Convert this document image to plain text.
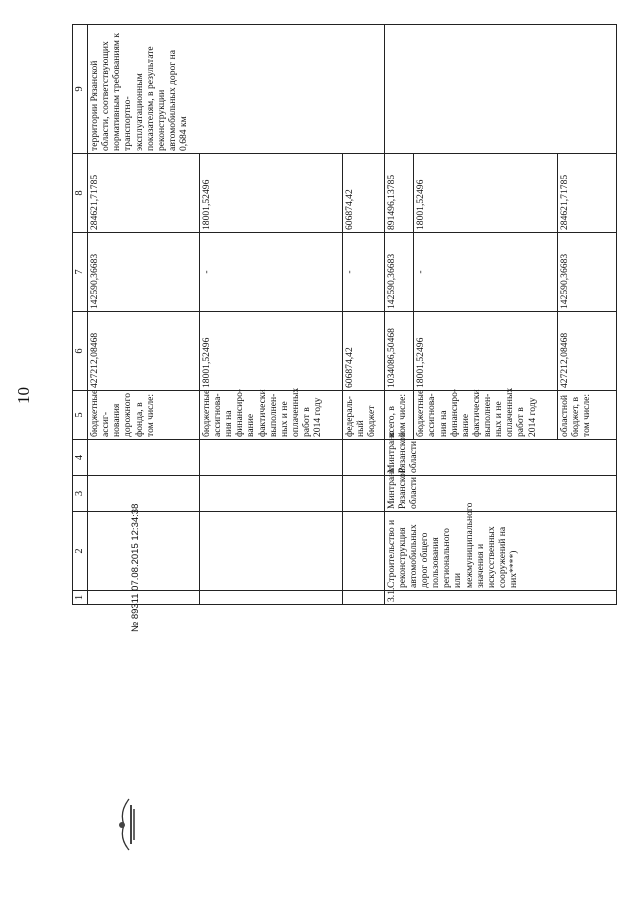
10
1	2	3	4	5	6	7	8	9
				бюджетные ассиг- нования дорожного фонда, в том числе:	427212,08468	142590,36683	284621,71785	территории Рязанской области, соответствующих нормативным требованиям к транспортно- эксплуатационным показателям, в результате реконструкции автомобильных дорог на 0,684 км
				бюджетные ассигнова- ния на финансиро- вание фактически выполнен- ных и не оплаченных работ в 2014 году	18001,52496	-	18001,52496	
				федераль- ный бюджет	606874,42	-	606874,42	
3.1.	Строительство и реконструкция автомобильных дорог общего пользования регионального или межмуниципального значения и искусственных сооружений на них****)	Минтранс Рязанской области	Минтранс Рязанской области	всего, в том числе:	1034086,50468	142590,36683	891496,13785	
				бюджетные ассигнова- ния на финансиро- вание фактически выполнен- ных и не оплаченных работ в 2014 году	18001,52496	-	18001,52496	
				областной бюджет, в том числе:	427212,08468	142590,36683	284621,71785	
№ 89311 07.08.2015 12:34:38
